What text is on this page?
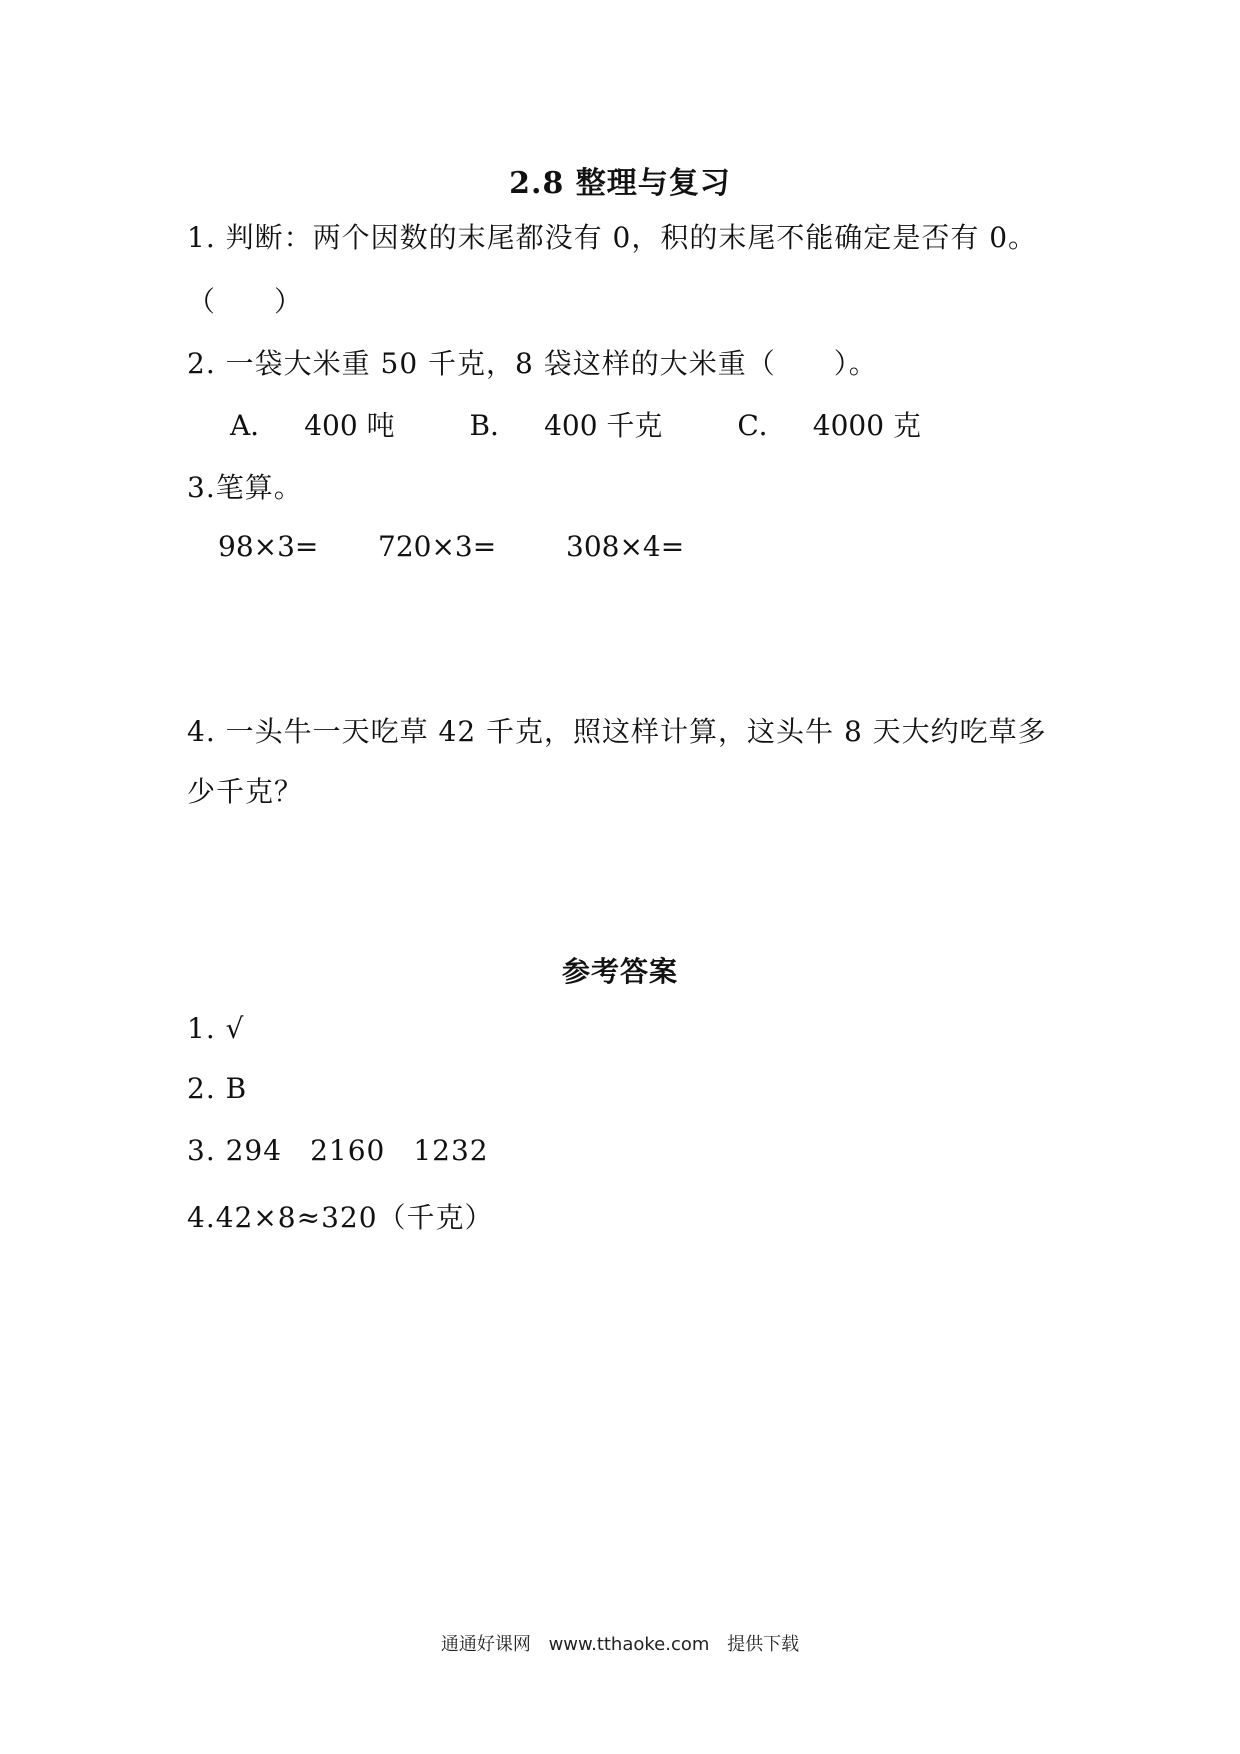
2.8 整理与复习
1. 判断：两个因数的末尾都没有 0，积的末尾不能确定是否有 0。
（　　）
2. 一袋大米重 50 千克，8 袋这样的大米重（　　）。
A． 400 吨	B． 400 千克	C． 4000 克
3.笔算。
98×3= 720×3= 308×4=
4. 一头牛一天吃草 42 千克，照这样计算，这头牛 8 天大约吃草多
少千克？
参考答案
1. √
2. B
3. 294 2160 1232
4.42×8≈320（千克）
通通好课网 www.tthaoke.com 提供下载
